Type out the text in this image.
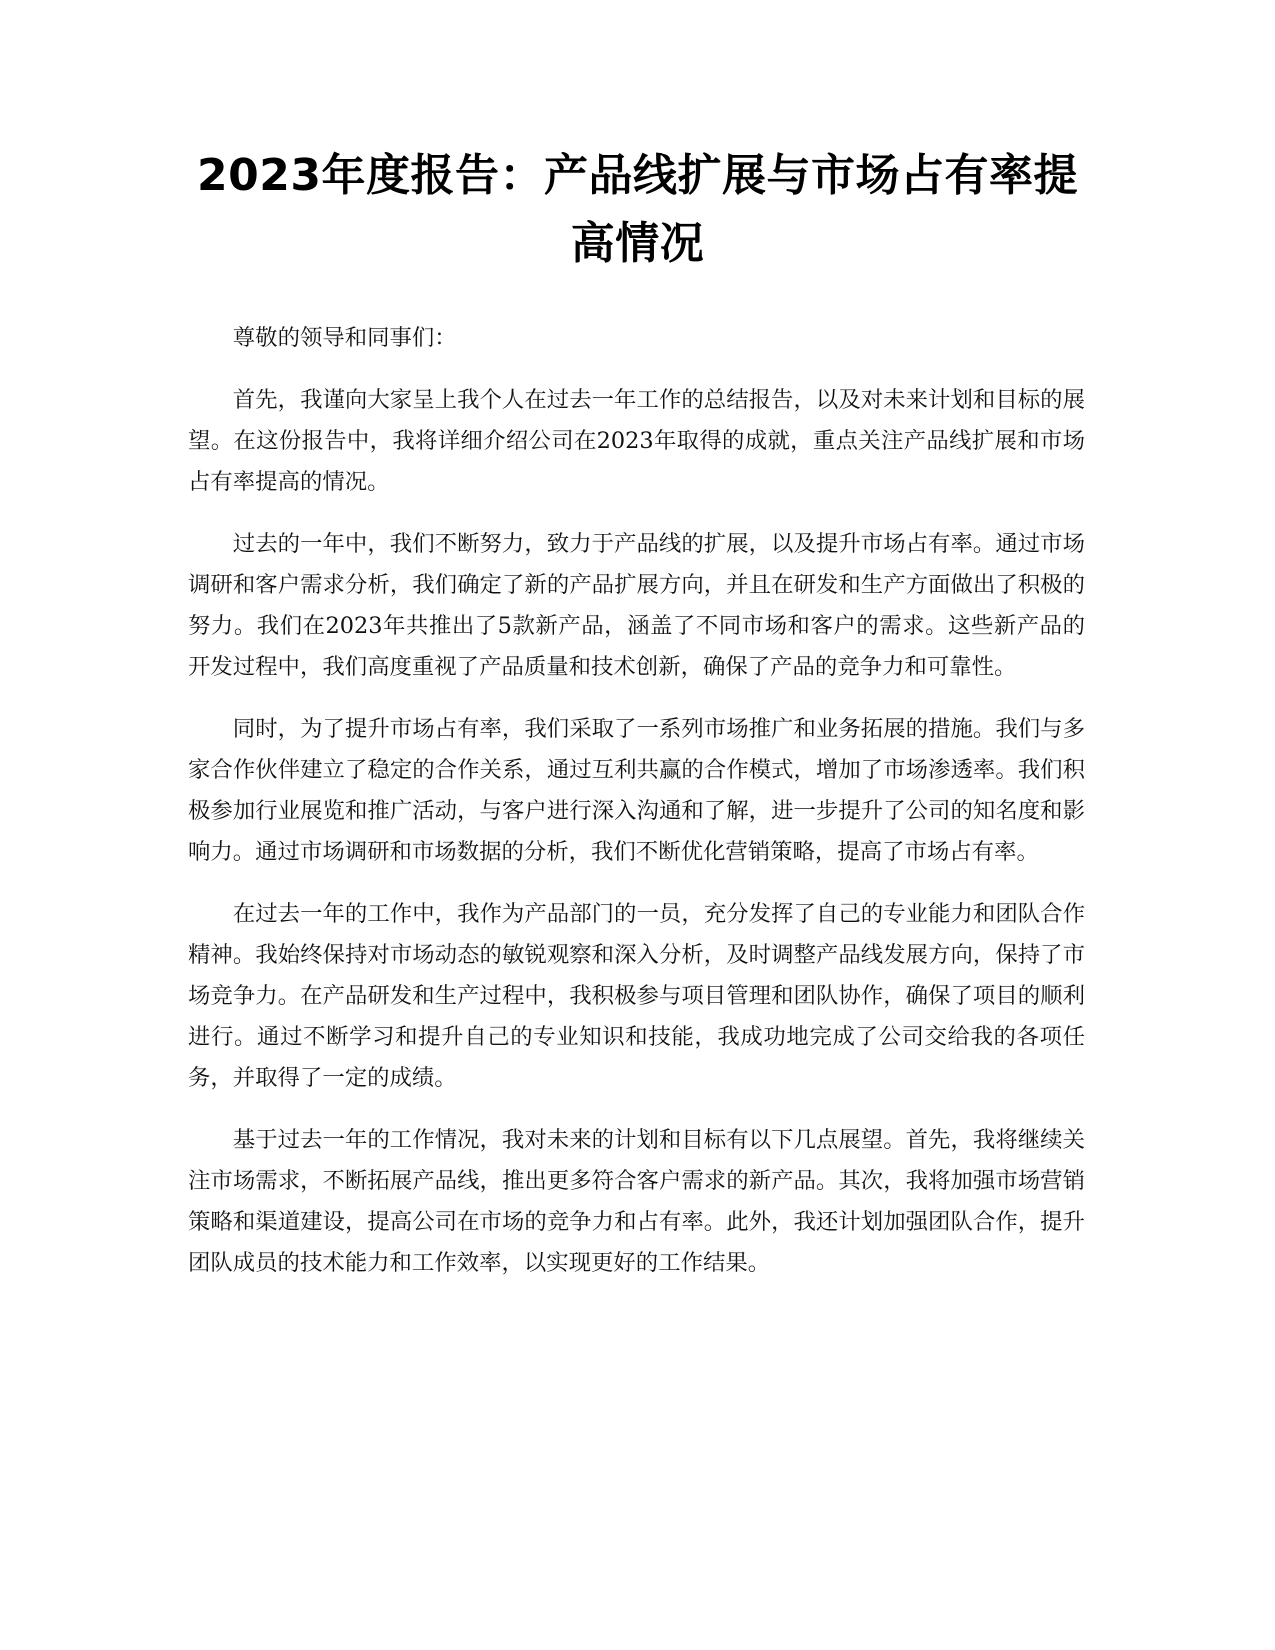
2023年度报告：产品线扩展与市场占有率提
高情况

尊敬的领导和同事们：

首先，我谨向大家呈上我个人在过去一年工作的总结报告，以及对未来计划和目标的展望。在这份报告中，我将详细介绍公司在2023年取得的成就，重点关注产品线扩展和市场占有率提高的情况。

过去的一年中，我们不断努力，致力于产品线的扩展，以及提升市场占有率。通过市场调研和客户需求分析，我们确定了新的产品扩展方向，并且在研发和生产方面做出了积极的努力。我们在2023年共推出了5款新产品，涵盖了不同市场和客户的需求。这些新产品的开发过程中，我们高度重视了产品质量和技术创新，确保了产品的竞争力和可靠性。

同时，为了提升市场占有率，我们采取了一系列市场推广和业务拓展的措施。我们与多家合作伙伴建立了稳定的合作关系，通过互利共赢的合作模式，增加了市场渗透率。我们积极参加行业展览和推广活动，与客户进行深入沟通和了解，进一步提升了公司的知名度和影响力。通过市场调研和市场数据的分析，我们不断优化营销策略，提高了市场占有率。

在过去一年的工作中，我作为产品部门的一员，充分发挥了自己的专业能力和团队合作精神。我始终保持对市场动态的敏锐观察和深入分析，及时调整产品线发展方向，保持了市场竞争力。在产品研发和生产过程中，我积极参与项目管理和团队协作，确保了项目的顺利进行。通过不断学习和提升自己的专业知识和技能，我成功地完成了公司交给我的各项任务，并取得了一定的成绩。

基于过去一年的工作情况，我对未来的计划和目标有以下几点展望。首先，我将继续关注市场需求，不断拓展产品线，推出更多符合客户需求的新产品。其次，我将加强市场营销策略和渠道建设，提高公司在市场的竞争力和占有率。此外，我还计划加强团队合作，提升团队成员的技术能力和工作效率，以实现更好的工作结果。
